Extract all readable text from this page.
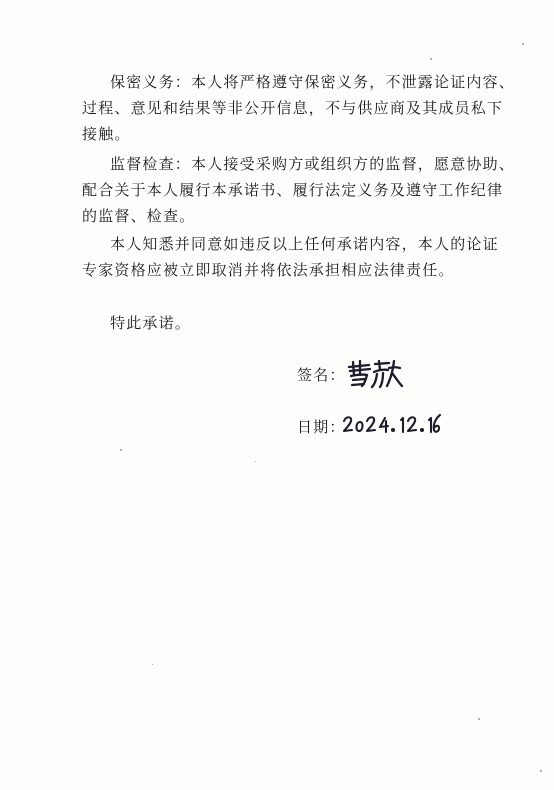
保密义务：本人将严格遵守保密义务，不泄露论证内容、
过程、意见和结果等非公开信息，不与供应商及其成员私下
接触。
监督检查：本人接受采购方或组织方的监督，愿意协助、
配合关于本人履行本承诺书、履行法定义务及遵守工作纪律
的监督、检查。
本人知悉并同意如违反以上任何承诺内容，本人的论证
专家资格应被立即取消并将依法承担相应法律责任。
特此承诺。
签名：
日期：
